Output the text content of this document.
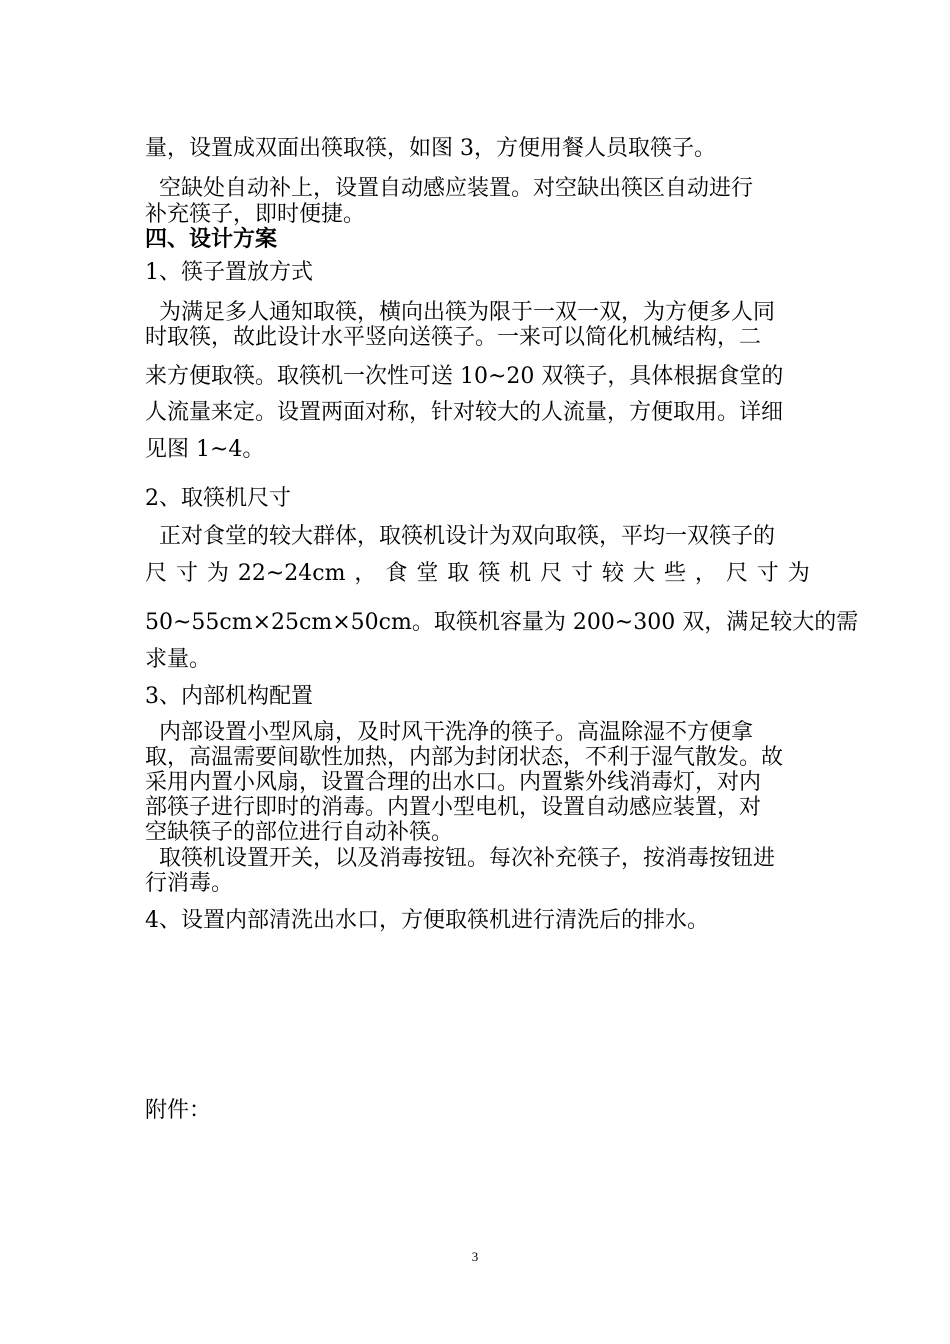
量，设置成双面出筷取筷，如图 3，方便用餐人员取筷子。

空缺处自动补上，设置自动感应装置。对空缺出筷区自动进行

补充筷子，即时便捷。

四、设计方案

1、筷子置放方式

为满足多人通知取筷，横向出筷为限于一双一双，为方便多人同

时取筷，故此设计水平竖向送筷子。一来可以简化机械结构，二

来方便取筷。取筷机一次性可送 10~20 双筷子，具体根据食堂的

人流量来定。设置两面对称，针对较大的人流量，方便取用。详细

见图 1~4。

2、取筷机尺寸

正对食堂的较大群体，取筷机设计为双向取筷，平均一双筷子的

尺 寸 为 22~24cm ， 食 堂 取 筷 机 尺 寸 较 大 些 ， 尺 寸 为

50~55cm×25cm×50cm。取筷机容量为 200~300 双，满足较大的需

求量。

3、内部机构配置

内部设置小型风扇，及时风干洗净的筷子。高温除湿不方便拿

取，高温需要间歇性加热，内部为封闭状态，不利于湿气散发。故

采用内置小风扇，设置合理的出水口。内置紫外线消毒灯，对内

部筷子进行即时的消毒。内置小型电机，设置自动感应装置，对

空缺筷子的部位进行自动补筷。

取筷机设置开关，以及消毒按钮。每次补充筷子，按消毒按钮进

行消毒。

4、设置内部清洗出水口，方便取筷机进行清洗后的排水。

附件：

3
